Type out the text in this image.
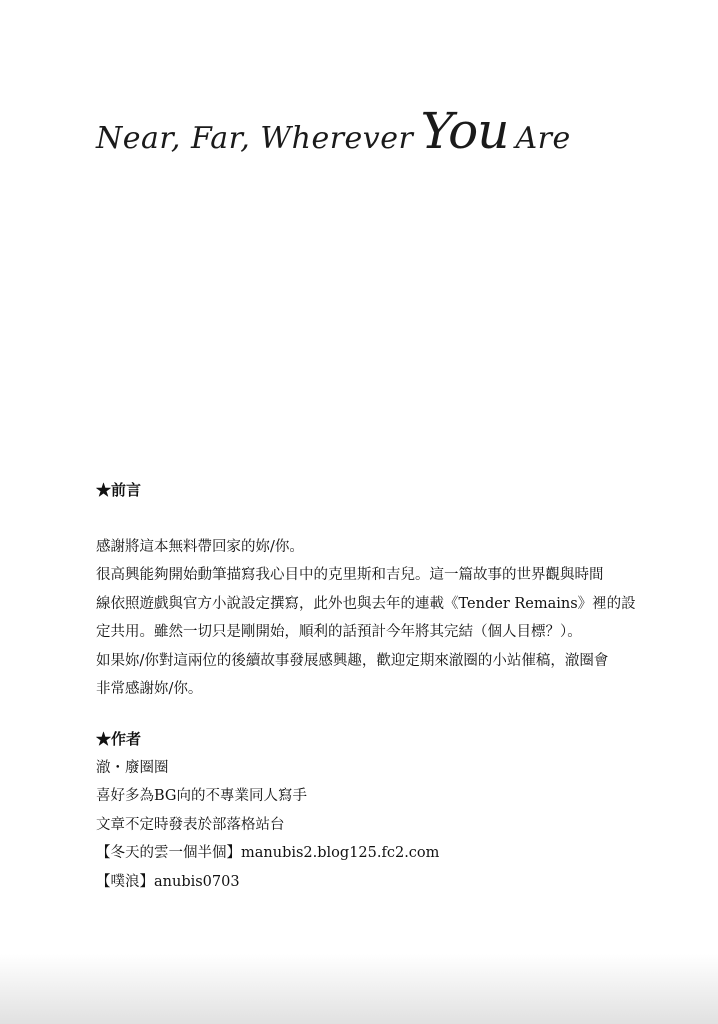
Near, Far, Wherever You Are
★前言
感謝將這本無料帶回家的妳/你。
很高興能夠開始動筆描寫我心目中的克里斯和吉兒。這一篇故事的世界觀與時間
線依照遊戲與官方小說設定撰寫，此外也與去年的連載《Tender Remains》裡的設
定共用。雖然一切只是剛開始，順利的話預計今年將其完結（個人目標？）。
如果妳/你對這兩位的後續故事發展感興趣，歡迎定期來澈圈的小站催稿，澈圈會
非常感謝妳/你。
★作者
澈・廢圈圈
喜好多為BG向的不專業同人寫手
文章不定時發表於部落格站台
【冬天的雲一個半個】manubis2.blog125.fc2.com
【噗浪】anubis0703
